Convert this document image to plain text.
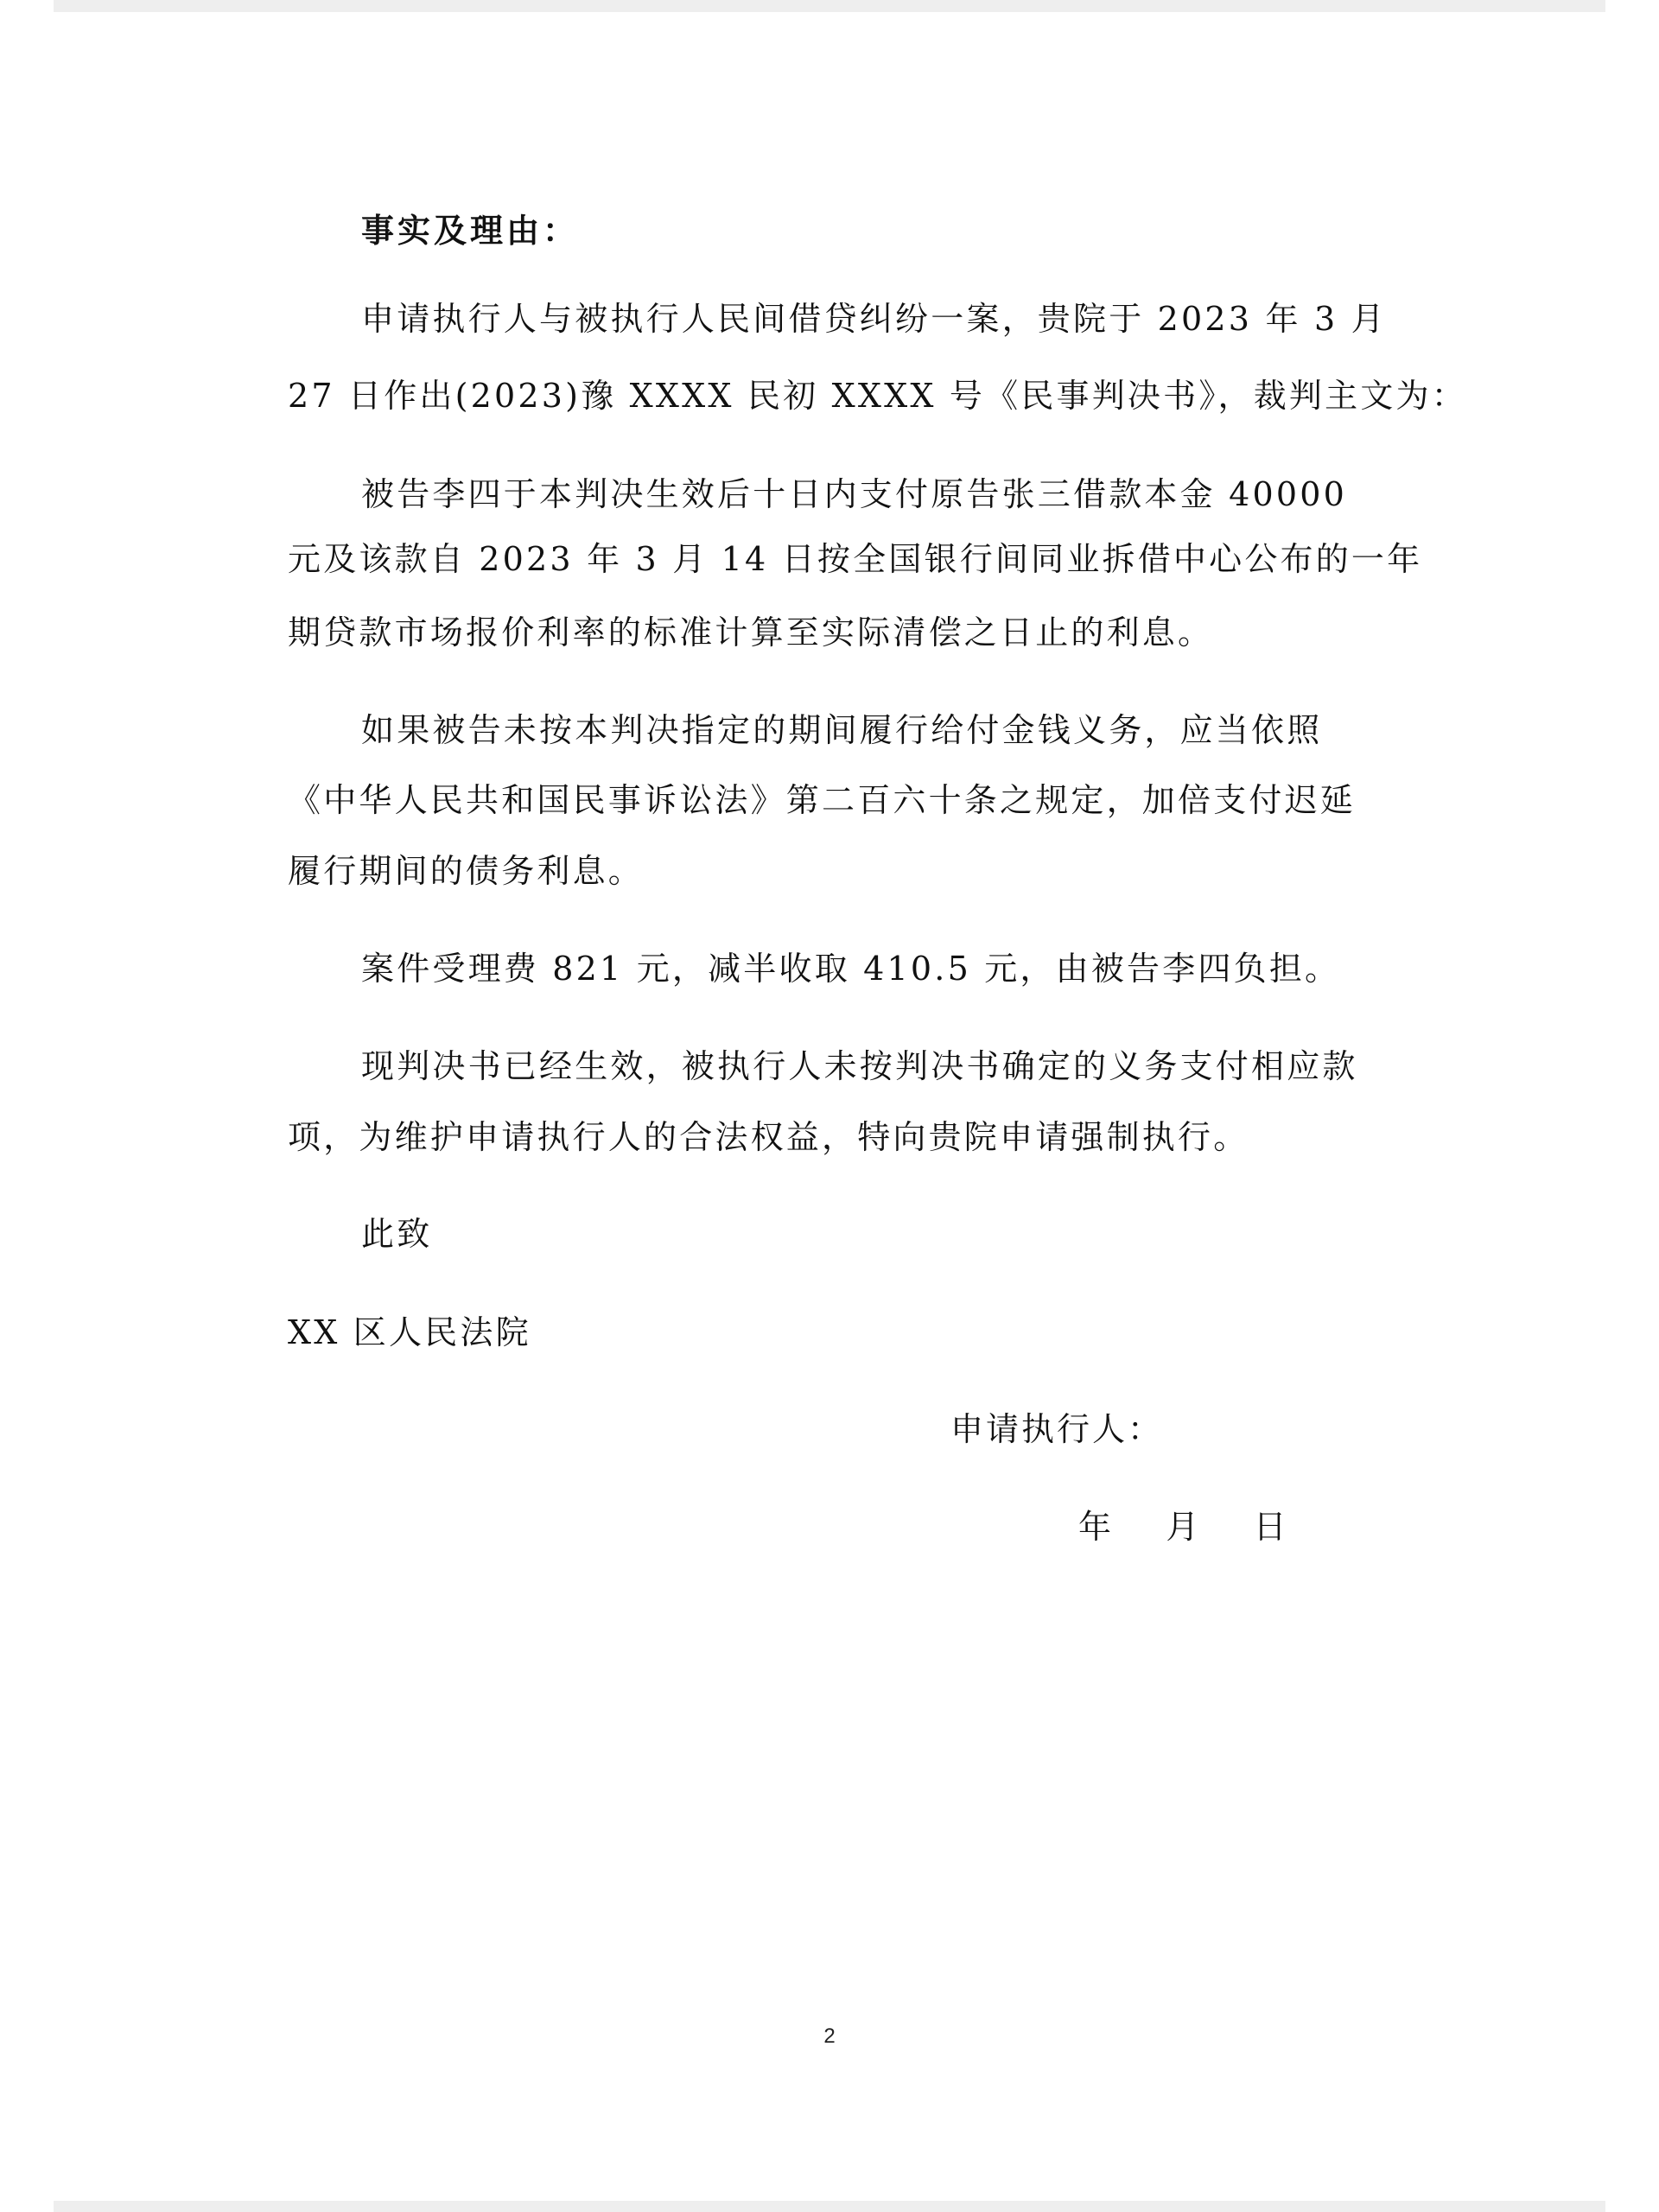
事实及理由：
申请执行人与被执行人民间借贷纠纷一案，贵院于 2023 年 3 月
27 日作出(2023)豫 XXXX 民初 XXXX 号《民事判决书》，裁判主文为：
被告李四于本判决生效后十日内支付原告张三借款本金 40000
元及该款自 2023 年 3 月 14 日按全国银行间同业拆借中心公布的一年
期贷款市场报价利率的标准计算至实际清偿之日止的利息。
如果被告未按本判决指定的期间履行给付金钱义务，应当依照
《中华人民共和国民事诉讼法》第二百六十条之规定，加倍支付迟延
履行期间的债务利息。
案件受理费 821 元，减半收取 410.5 元，由被告李四负担。
现判决书已经生效，被执行人未按判决书确定的义务支付相应款
项，为维护申请执行人的合法权益，特向贵院申请强制执行。
此致
XX 区人民法院
申请执行人：
年    月    日
2
